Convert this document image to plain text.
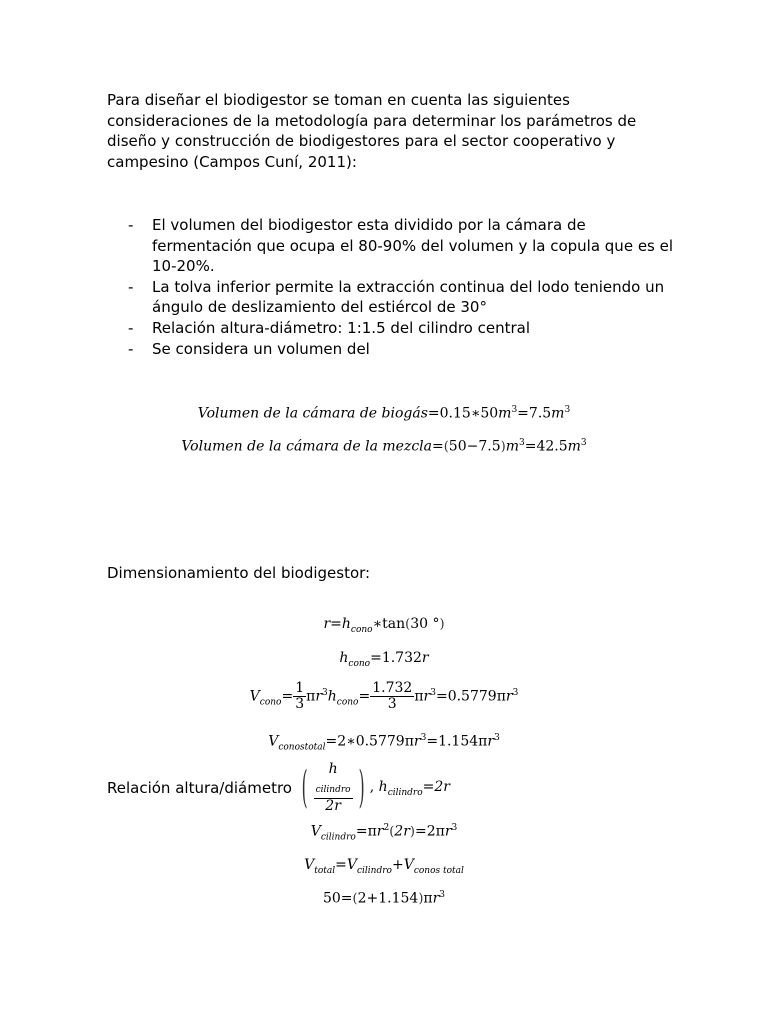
Para diseñar el biodigestor se toman en cuenta las siguientes consideraciones de la metodología para determinar los parámetros de diseño y construcción de biodigestores para el sector cooperativo y campesino (Campos Cuní, 2011):

- El volumen del biodigestor esta dividido por la cámara de fermentación que ocupa el 80-90% del volumen y la copula que es el 10-20%.
- La tolva inferior permite la extracción continua del lodo teniendo un ángulo de deslizamiento del estiércol de 30°
- Relación altura-diámetro: 1:1.5 del cilindro central
- Se considera un volumen del
Volumen de la cámara de $biogás=0.15∗50m^3=7.5m^3$
Volumen de la cámara de la $mezcla=(50-7.5)m^3=42.5m^3$

Dimensionamiento del biodigestor:

$r=h_{cono}∗\tan(30$ °)
$h_{cono}=1.732r$
$V_{cono}= \frac{1}{3} \pi r^3h_{cono}= \frac{1.732}{3} \pi r^3=0.5779\pi r^3$
$V_{conostotal}=2∗0.5779\pi r^3=1.154\pi r^3$
Relación altura/diámetro ( h
$_{cilindro}$
2r ) , $h_{cilindro}=2r$
$V_{cilindro}=\pi r^2(2r)=2\pi r^3$
$V_{total}=V_{cilindro}+V_{conos total}$
$50=(2+1.154)\pi r^3$
